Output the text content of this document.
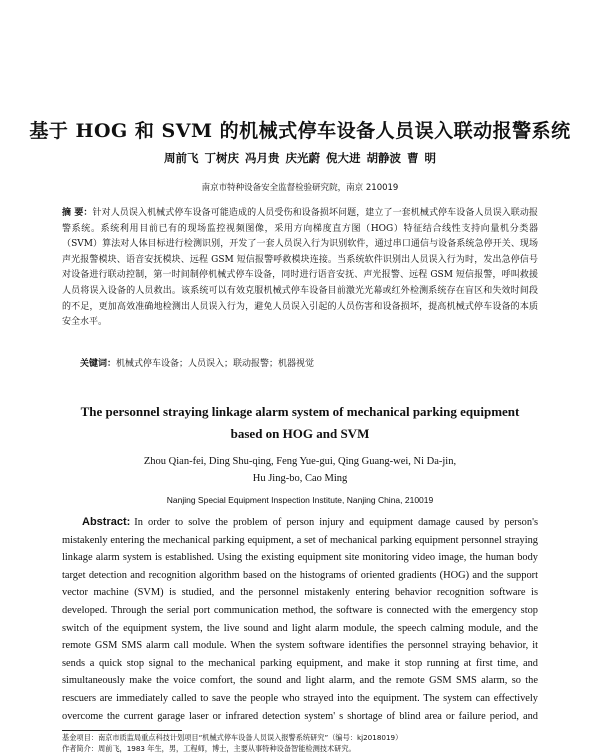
基于 HOG 和 SVM 的机械式停车设备人员误入联动报警系统
周前飞 丁树庆 冯月贵 庆光蔚 倪大进 胡静波 曹 明
南京市特种设备安全监督检验研究院，南京 210019
摘 要：针对人员误入机械式停车设备可能造成的人员受伤和设备损坏问题，建立了一套机械式停车设备人员误入联动报警系统。系统利用目前已有的现场监控视频图像，采用方向梯度直方图（HOG）特征结合线性支持向量机分类器（SVM）算法对人体目标进行检测识别，开发了一套人员误入行为识别软件，通过串口通信与设备系统急停开关、现场声光报警模块、语音安抚模块、远程 GSM 短信报警呼救模块连接。当系统软件识别出人员误入行为时，发出急停信号对设备进行联动控制，第一时间制停机械式停车设备，同时进行语音安抚、声光报警、远程 GSM 短信报警，呼叫救援人员将误入设备的人员救出。该系统可以有效克服机械式停车设备目前激光光幕或红外检测系统存在盲区和失效时间段的不足，更加高效准确地检测出人员误入行为，避免人员误入引起的人员伤害和设备损坏，提高机械式停车设备的本质安全水平。
关键词：机械式停车设备；人员误入；联动报警；机器视觉
The personnel straying linkage alarm system of mechanical parking equipment
based on HOG and SVM
Zhou Qian-fei, Ding Shu-qing, Feng Yue-gui, Qing Guang-wei, Ni Da-jin,
Hu Jing-bo, Cao Ming
Nanjing Special Equipment Inspection Institute, Nanjing China, 210019
Abstract: In order to solve the problem of person injury and equipment damage caused by person's mistakenly entering the mechanical parking equipment, a set of mechanical parking equipment personnel straying linkage alarm system is established. Using the existing equipment site monitoring video image, the human body target detection and recognition algorithm based on the histograms of oriented gradients (HOG) and the support vector machine (SVM) is studied, and the personnel mistakenly entering behavior recognition software is developed. Through the serial port communication method, the software is connected with the emergency stop switch of the equipment system, the live sound and light alarm module, the speech calming module, and the remote GSM SMS alarm call module. When the system software identifies the personnel straying behavior, it sends a quick stop signal to the mechanical parking equipment, and make it stop running at first time, and simultaneously make the voice comfort, the sound and light alarm, and the remote GSM SMS alarm, so the rescuers are immediately called to save the people who strayed into the equipment. The system can effectively overcome the current garage laser or infrared detection system' s shortage of blind area or failure period, and
基金项目：南京市质监局重点科技计划项目“机械式停车设备人员误入报警系统研究”（编号：kj2018019）
作者简介：周前飞，1983 年生，男，工程师，博士，主要从事特种设备智能检测技术研究。
